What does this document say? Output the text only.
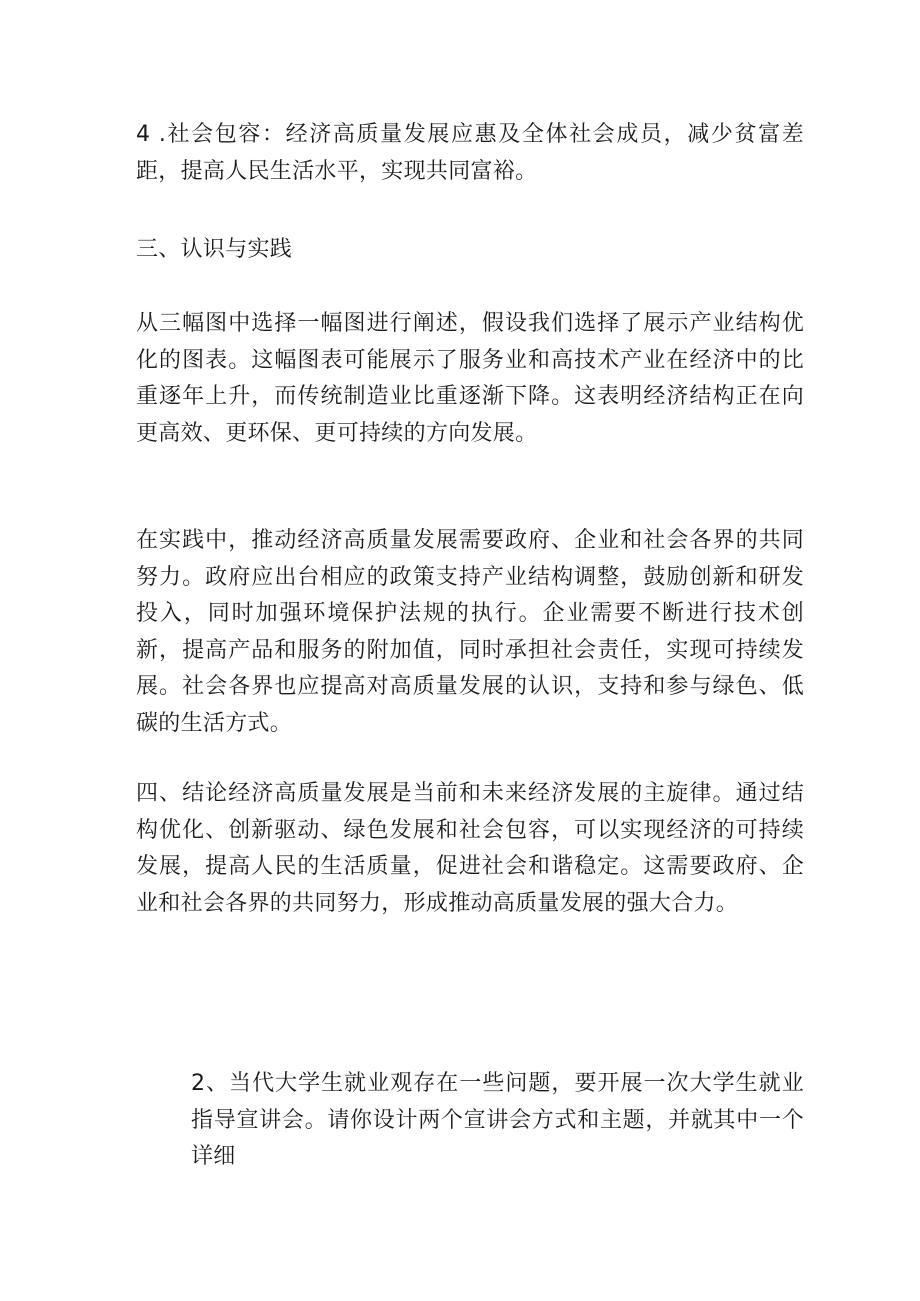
4 .社会包容：经济高质量发展应惠及全体社会成员，减少贫富差距，提高人民生活水平，实现共同富裕。

三、认识与实践

从三幅图中选择一幅图进行阐述，假设我们选择了展示产业结构优化的图表。这幅图表可能展示了服务业和高技术产业在经济中的比重逐年上升，而传统制造业比重逐渐下降。这表明经济结构正在向更高效、更环保、更可持续的方向发展。

在实践中，推动经济高质量发展需要政府、企业和社会各界的共同努力。政府应出台相应的政策支持产业结构调整，鼓励创新和研发投入，同时加强环境保护法规的执行。企业需要不断进行技术创新，提高产品和服务的附加值，同时承担社会责任，实现可持续发展。社会各界也应提高对高质量发展的认识，支持和参与绿色、低碳的生活方式。

四、结论经济高质量发展是当前和未来经济发展的主旋律。通过结构优化、创新驱动、绿色发展和社会包容，可以实现经济的可持续发展，提高人民的生活质量，促进社会和谐稳定。这需要政府、企业和社会各界的共同努力，形成推动高质量发展的强大合力。

2、当代大学生就业观存在一些问题，要开展一次大学生就业指导宣讲会。请你设计两个宣讲会方式和主题，并就其中一个详细
